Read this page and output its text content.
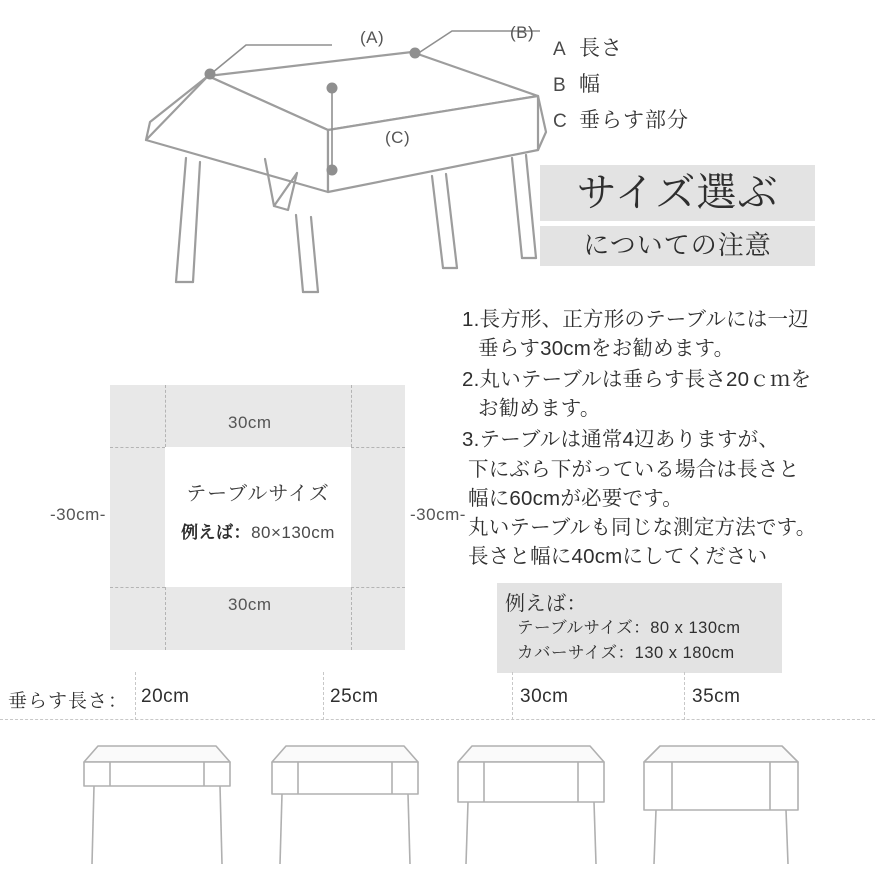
(A)	(B)
(C)
A 長さ
B 幅
C 垂らす部分
サイズ選ぶ
についての注意
1.長方形、正方形のテーブルには一辺
垂らす30cmをお勧めます。
2.丸いテーブルは垂らす長さ20ｃｍを
お勧めます。
3.テーブルは通常4辺ありますが、
下にぶら下がっている場合は長さと
幅に60cmが必要です。
丸いテーブルも同じな測定方法です。
長さと幅に40cmにしてください
例えば：
テーブルサイズ：80 x 130cm
カバーサイズ：130 x 180cm
テーブルサイズ
例えば：80×130cm
30cm
30cm
-30cm-	-30cm-
垂らす長さ： 20cm	25cm	30cm	35cm
